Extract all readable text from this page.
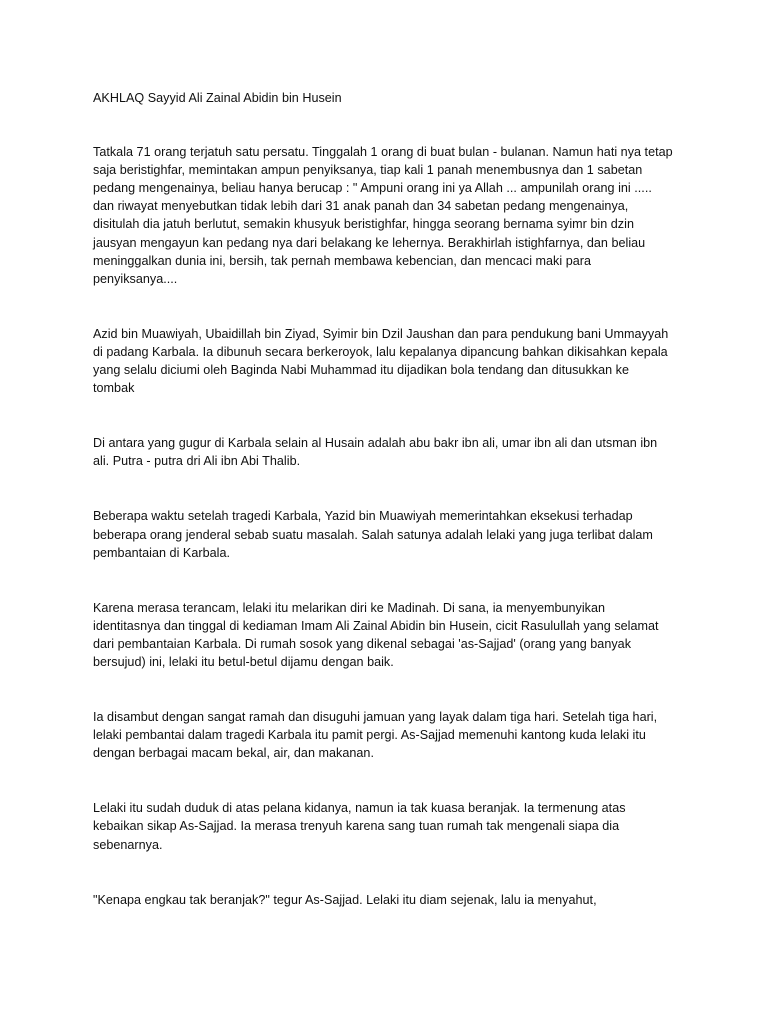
AKHLAQ Sayyid Ali Zainal Abidin bin Husein

Tatkala 71 orang terjatuh satu persatu. Tinggalah 1 orang di buat bulan - bulanan. Namun hati nya tetap saja beristighfar, memintakan ampun penyiksanya, tiap kali 1 panah menembusnya dan 1 sabetan pedang mengenainya, beliau hanya berucap : " Ampuni orang ini ya Allah ... ampunilah orang ini ..... dan riwayat menyebutkan tidak lebih dari 31 anak panah dan 34 sabetan pedang mengenainya, disitulah dia jatuh berlutut, semakin khusyuk beristighfar, hingga seorang bernama syimr bin dzin jausyan mengayun kan pedang nya dari belakang ke lehernya. Berakhirlah istighfarnya, dan beliau meninggalkan dunia ini, bersih, tak pernah membawa kebencian, dan mencaci maki para penyiksanya....

Azid bin Muawiyah, Ubaidillah bin Ziyad, Syimir bin Dzil Jaushan dan para pendukung bani Ummayyah di padang Karbala. Ia dibunuh secara berkeroyok, lalu kepalanya dipancung bahkan dikisahkan kepala yang selalu diciumi oleh Baginda Nabi Muhammad itu dijadikan bola tendang dan ditusukkan ke tombak

Di antara yang gugur di Karbala selain al Husain adalah abu bakr ibn ali, umar ibn ali dan utsman ibn ali. Putra - putra dri Ali ibn Abi Thalib.

Beberapa waktu setelah tragedi Karbala, Yazid bin Muawiyah memerintahkan eksekusi terhadap beberapa orang jenderal sebab suatu masalah. Salah satunya adalah lelaki yang juga terlibat dalam pembantaian di Karbala.

Karena merasa terancam, lelaki itu melarikan diri ke Madinah. Di sana, ia menyembunyikan identitasnya dan tinggal di kediaman Imam Ali Zainal Abidin bin Husein, cicit Rasulullah yang selamat dari pembantaian Karbala. Di rumah sosok yang dikenal sebagai 'as-Sajjad' (orang yang banyak bersujud) ini, lelaki itu betul-betul dijamu dengan baik.

Ia disambut dengan sangat ramah dan disuguhi jamuan yang layak dalam tiga hari. Setelah tiga hari, lelaki pembantai dalam tragedi Karbala itu pamit pergi. As-Sajjad memenuhi kantong kuda lelaki itu dengan berbagai macam bekal, air, dan makanan.

Lelaki itu sudah duduk di atas pelana kidanya, namun ia tak kuasa beranjak. Ia termenung atas kebaikan sikap As-Sajjad. Ia merasa trenyuh karena sang tuan rumah tak mengenali siapa dia sebenarnya.

"Kenapa engkau tak beranjak?" tegur As-Sajjad. Lelaki itu diam sejenak, lalu ia menyahut,
